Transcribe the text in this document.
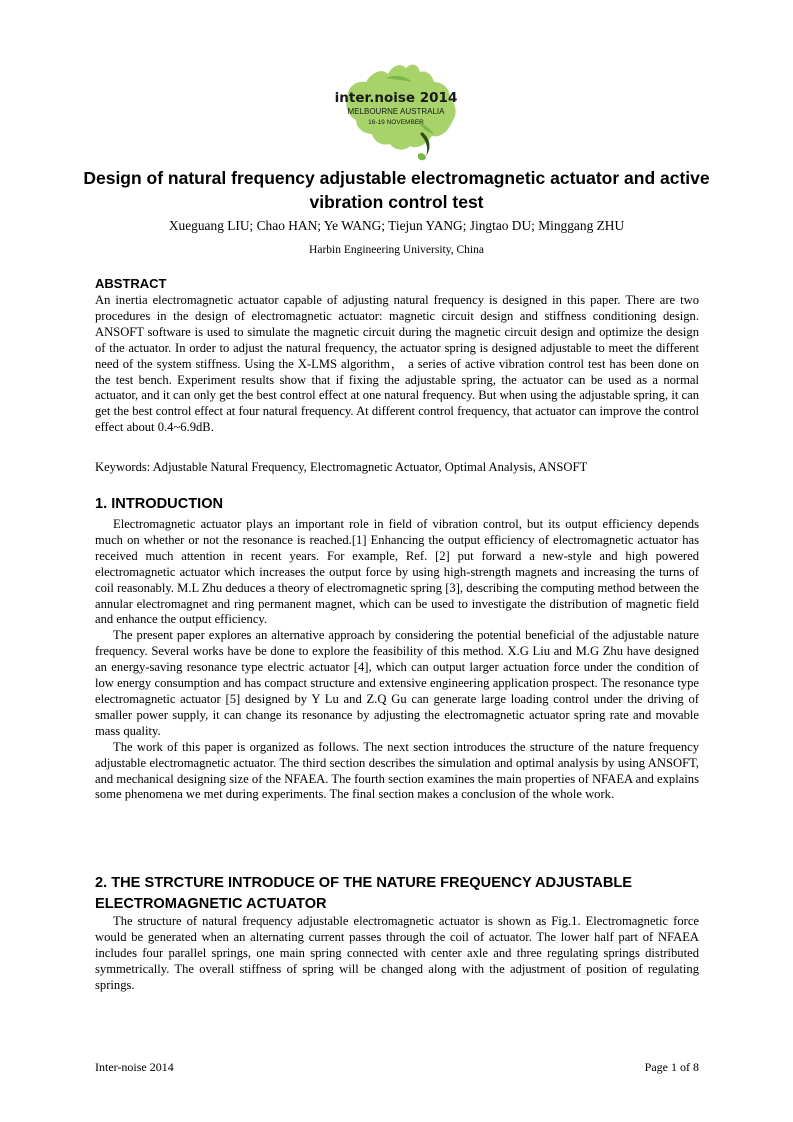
inter.noise 2014
MELBOURNE AUSTRALIA
16-19 NOVEMBER
Design of natural frequency adjustable electromagnetic actuator and active vibration control test
Xueguang LIU; Chao HAN; Ye WANG; Tiejun YANG; Jingtao DU; Minggang ZHU
Harbin Engineering University, China
ABSTRACT
An inertia electromagnetic actuator capable of adjusting natural frequency is designed in this paper. There are two procedures in the design of electromagnetic actuator: magnetic circuit design and stiffness conditioning design. ANSOFT software is used to simulate the magnetic circuit during the magnetic circuit design and optimize the design of the actuator. In order to adjust the natural frequency, the actuator spring is designed adjustable to meet the different need of the system stiffness. Using the X-LMS algorithm， a series of active vibration control test has been done on the test bench. Experiment results show that if fixing the adjustable spring, the actuator can be used as a normal actuator, and it can only get the best control effect at one natural frequency. But when using the adjustable spring, it can get the best control effect at four natural frequency. At different control frequency, that actuator can improve the control effect about 0.4~6.9dB.
Keywords: Adjustable Natural Frequency, Electromagnetic Actuator, Optimal Analysis, ANSOFT
1. INTRODUCTION

Electromagnetic actuator plays an important role in field of vibration control, but its output efficiency depends much on whether or not the resonance is reached.[1] Enhancing the output efficiency of electromagnetic actuator has received much attention in recent years. For example, Ref. [2] put forward a new-style and high powered electromagnetic actuator which increases the output force by using high-strength magnets and increasing the turns of coil reasonably. M.L Zhu deduces a theory of electromagnetic spring [3], describing the computing method between the annular electromagnet and ring permanent magnet, which can be used to investigate the distribution of magnetic field and enhance the output efficiency.

The present paper explores an alternative approach by considering the potential beneficial of the adjustable nature frequency. Several works have be done to explore the feasibility of this method. X.G Liu and M.G Zhu have designed an energy-saving resonance type electric actuator [4], which can output larger actuation force under the condition of low energy consumption and has compact structure and extensive engineering application prospect. The resonance type electromagnetic actuator [5] designed by Y Lu and Z.Q Gu can generate large loading control under the driving of smaller power supply, it can change its resonance by adjusting the electromagnetic actuator spring rate and movable mass quality.

The work of this paper is organized as follows. The next section introduces the structure of the nature frequency adjustable electromagnetic actuator. The third section describes the simulation and optimal analysis by using ANSOFT, and mechanical designing size of the NFAEA. The fourth section examines the main properties of NFAEA and explains some phenomena we met during experiments. The final section makes a conclusion of the whole work.

2. THE STRCTURE INTRODUCE OF THE NATURE FREQUENCY ADJUSTABLE ELECTROMAGNETIC ACTUATOR

The structure of natural frequency adjustable electromagnetic actuator is shown as Fig.1. Electromagnetic force would be generated when an alternating current passes through the coil of actuator. The lower half part of NFAEA includes four parallel springs, one main spring connected with center axle and three regulating springs distributed symmetrically. The overall stiffness of spring will be changed along with the adjustment of position of regulating springs.

Inter-noise 2014	Page 1 of 8
